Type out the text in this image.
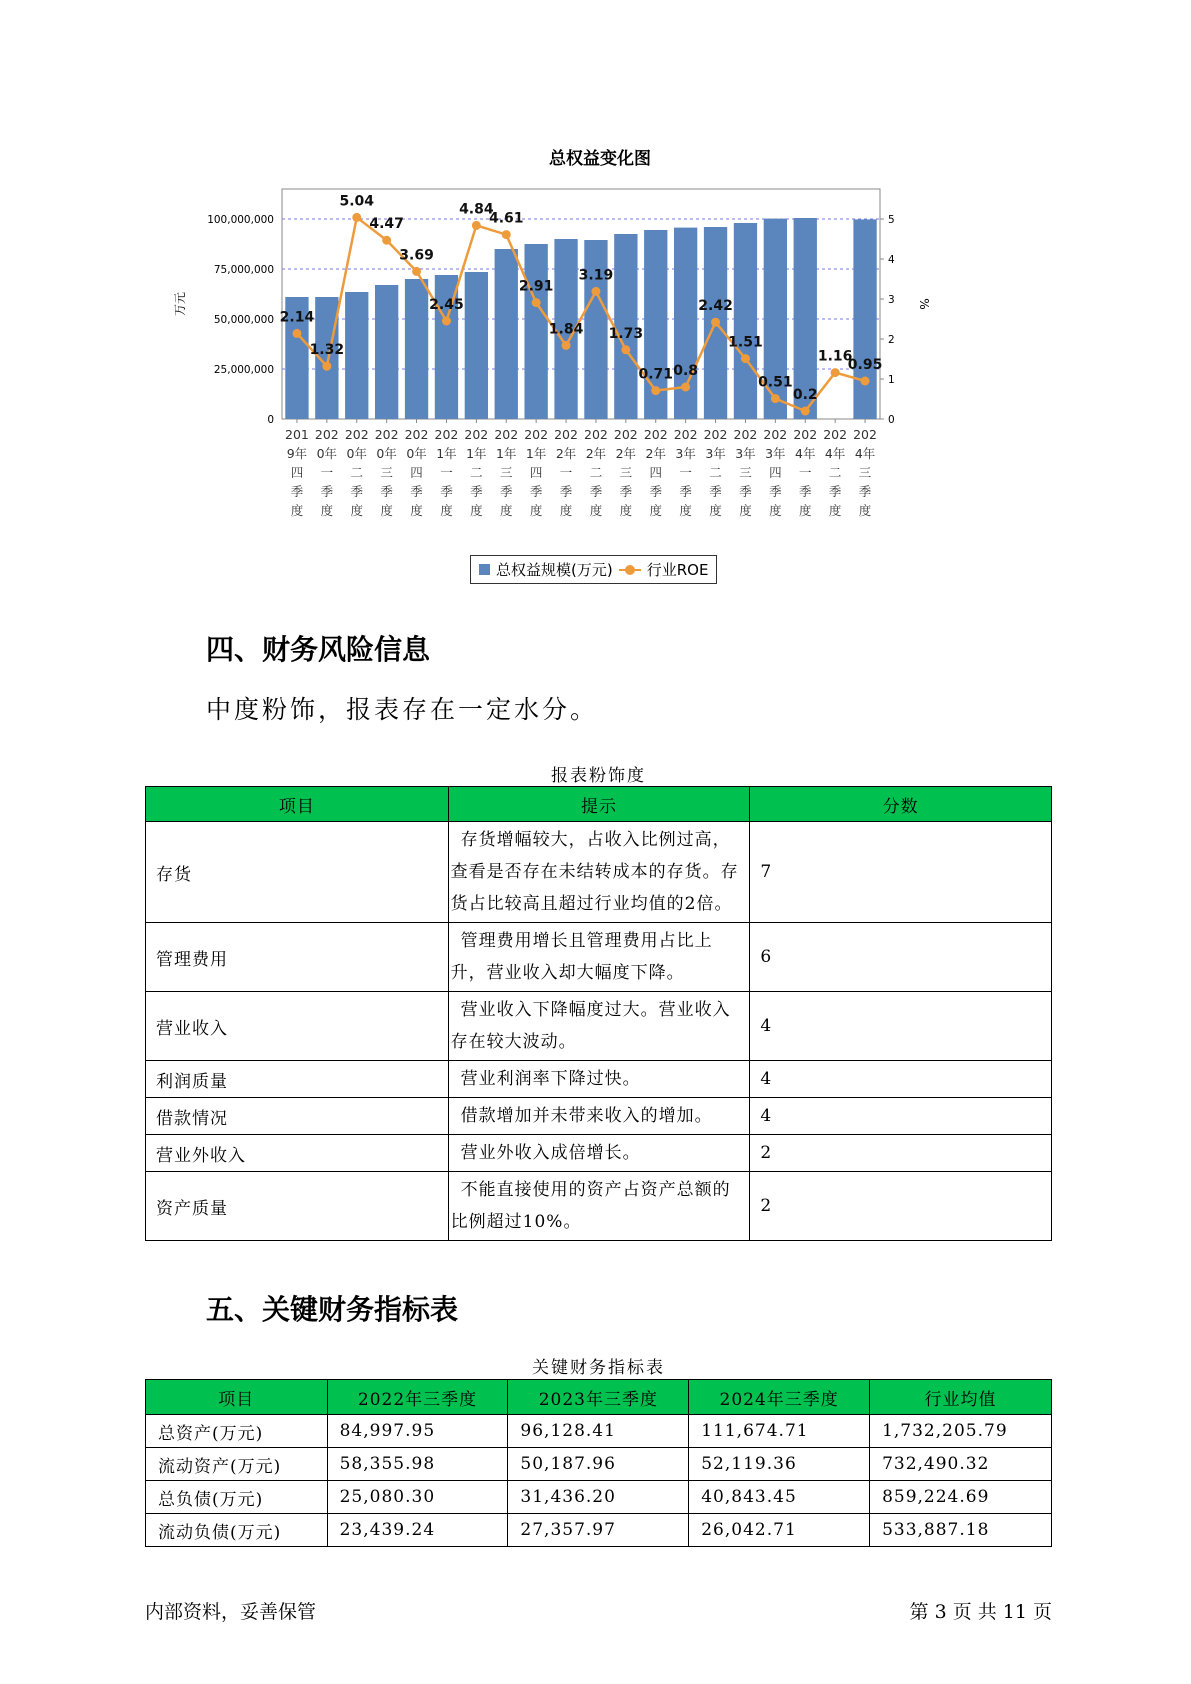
总权益变化图
0
25,000,000
50,000,000
75,000,000
100,000,000
0
1
2
3
4
5
万元	%
2.14
1.32
5.04
4.47
3.69
2.45
4.84
4.61
2.91
1.84
3.19
1.73
0.71 0.8
2.42
1.51
0.51
0.2
1.16
0.95
201 9年四季度
202 0年一季度
202 0年二季度
202 0年三季度
202 0年四季度
202 1年一季度
202 1年二季度
202 1年三季度
202 1年四季度
202 2年一季度
202 2年二季度
202 2年三季度
202 2年四季度
202 3年一季度
202 3年二季度
202 3年三季度
202 3年四季度
202 4年一季度
202 4年二季度
202 4年三季度
总权益规模(万元) 行业ROE
四、财务风险信息
中度粉饰，报表存在一定水分。
报表粉饰度
项目	提示	分数
存货	存货增幅较大，占收入比例过高，查看是否存在未结转成本的存货。存货占比较高且超过行业均值的2倍。	7
管理费用	管理费用增长且管理费用占比上升，营业收入却大幅度下降。	6
营业收入	营业收入下降幅度过大。营业收入存在较大波动。	4
利润质量	营业利润率下降过快。	4
借款情况	借款增加并未带来收入的增加。	4
营业外收入	营业外收入成倍增长。	2
资产质量	不能直接使用的资产占资产总额的比例超过10%。	2
五、关键财务指标表
关键财务指标表
项目	2022年三季度	2023年三季度	2024年三季度	行业均值
总资产(万元)	84,997.95	96,128.41	111,674.71	1,732,205.79
流动资产(万元)	58,355.98	50,187.96	52,119.36	732,490.32
总负债(万元)	25,080.30	31,436.20	40,843.45	859,224.69
流动负债(万元)	23,439.24	27,357.97	26,042.71	533,887.18
内部资料，妥善保管	第 3 页 共 11 页
